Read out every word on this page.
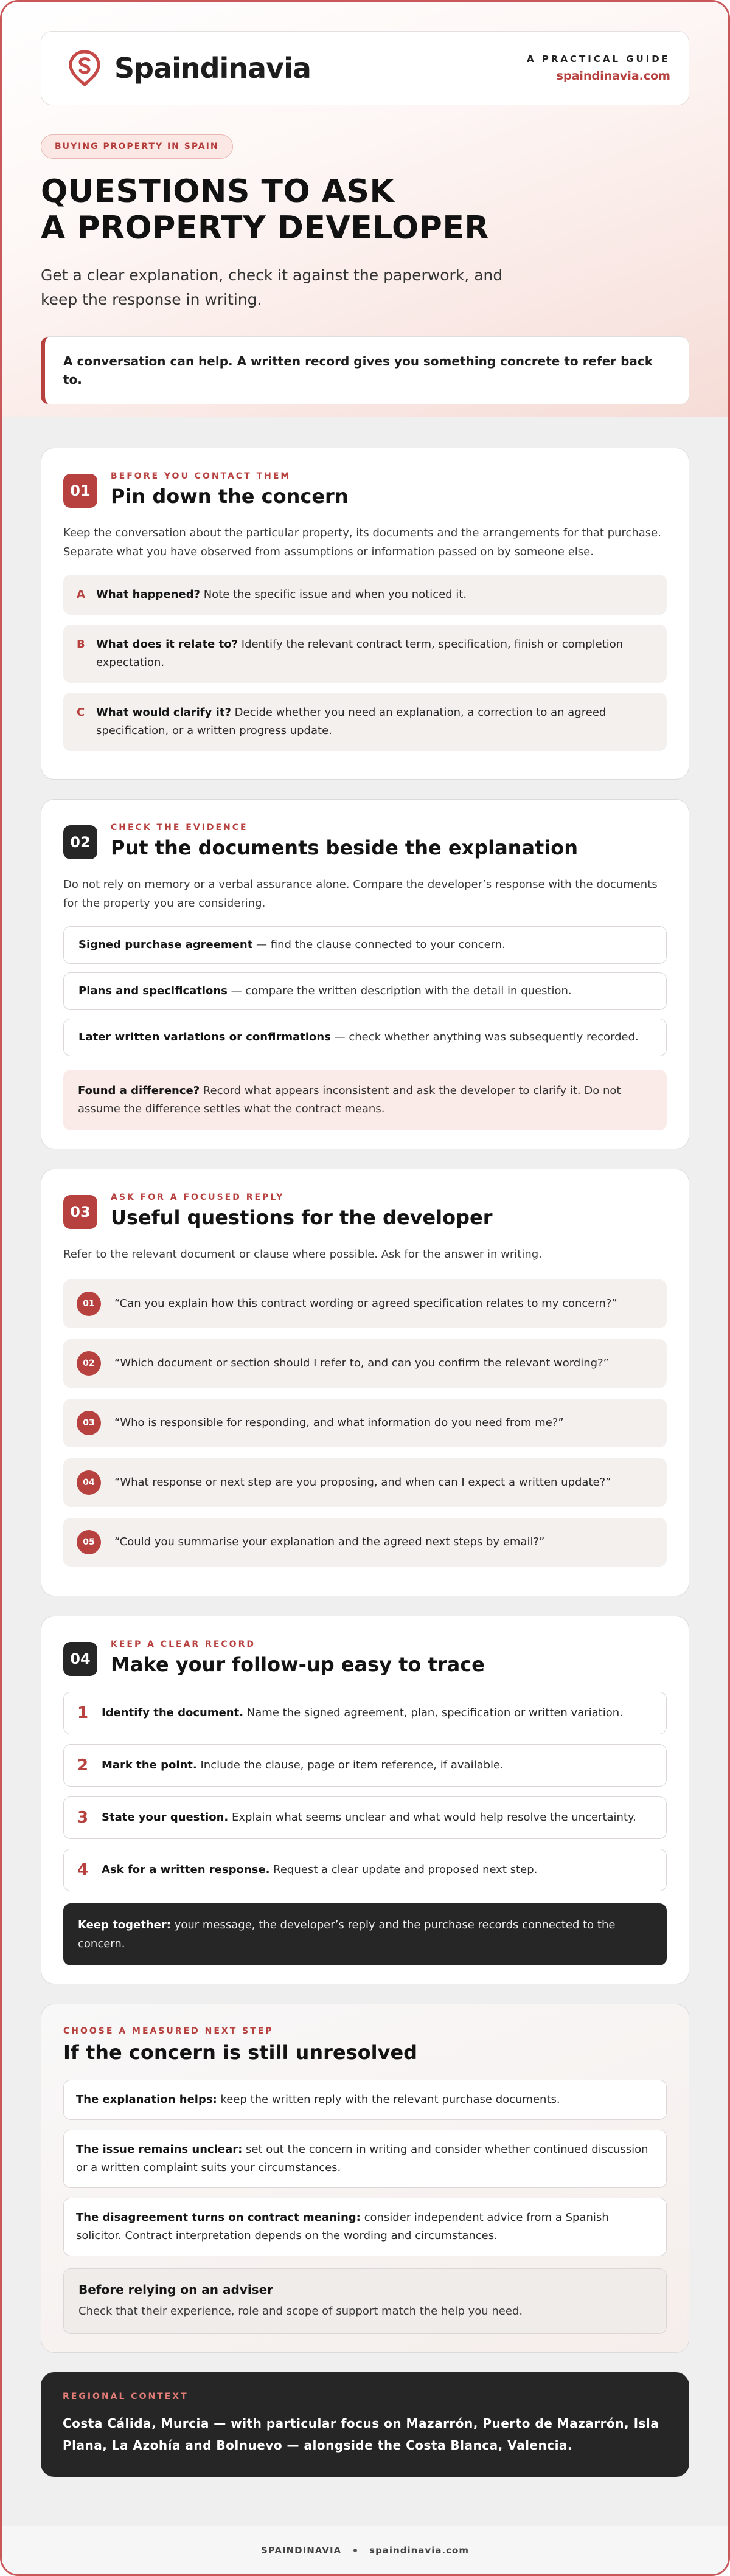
Spaindinavia	A PRACTICAL GUIDE
spaindinavia.com
BUYING PROPERTY IN SPAIN
QUESTIONS TO ASK
A PROPERTY DEVELOPER

Get a clear explanation, check it against the paperwork, and keep the response in writing.

A conversation can help. A written record gives you something concrete to refer back to.
01
BEFORE YOU CONTACT THEM
Pin down the concern

Keep the conversation about the particular property, its documents and the arrangements for that purchase. Separate what you have observed from assumptions or information passed on by someone else.

A What happened? Note the specific issue and when you noticed it.
B What does it relate to? Identify the relevant contract term, specification, finish or completion expectation.
C What would clarify it? Decide whether you need an explanation, a correction to an agreed specification, or a written progress update.
02
CHECK THE EVIDENCE
Put the documents beside the explanation

Do not rely on memory or a verbal assurance alone. Compare the developer’s response with the documents for the property you are considering.

Signed purchase agreement — find the clause connected to your concern.
Plans and specifications — compare the written description with the detail in question.
Later written variations or confirmations — check whether anything was subsequently recorded.
Found a difference? Record what appears inconsistent and ask the developer to clarify it. Do not assume the difference settles what the contract means.
03
ASK FOR A FOCUSED REPLY
Useful questions for the developer

Refer to the relevant document or clause where possible. Ask for the answer in writing.

01	“Can you explain how this contract wording or agreed specification relates to my concern?”
02	“Which document or section should I refer to, and can you confirm the relevant wording?”
03	“Who is responsible for responding, and what information do you need from me?”
04	“What response or next step are you proposing, and when can I expect a written update?”
05	“Could you summarise your explanation and the agreed next steps by email?”
04
KEEP A CLEAR RECORD
Make your follow-up easy to trace
1 Identify the document. Name the signed agreement, plan, specification or written variation.
2 Mark the point. Include the clause, page or item reference, if available.
3 State your question. Explain what seems unclear and what would help resolve the uncertainty.
4 Ask for a written response. Request a clear update and proposed next step.
Keep together: your message, the developer’s reply and the purchase records connected to the concern.
CHOOSE A MEASURED NEXT STEP
If the concern is still unresolved
The explanation helps: keep the written reply with the relevant purchase documents.
The issue remains unclear: set out the concern in writing and consider whether continued discussion or a written complaint suits your circumstances.
The disagreement turns on contract meaning: consider independent advice from a Spanish solicitor. Contract interpretation depends on the wording and circumstances.
Before relying on an adviser
Check that their experience, role and scope of support match the help you need.
REGIONAL CONTEXT
Costa Cálida, Murcia — with particular focus on Mazarrón, Puerto de Mazarrón, Isla Plana, La Azohía and Bolnuevo — alongside the Costa Blanca, Valencia.
SPAINDINAVIA	spaindinavia.com
